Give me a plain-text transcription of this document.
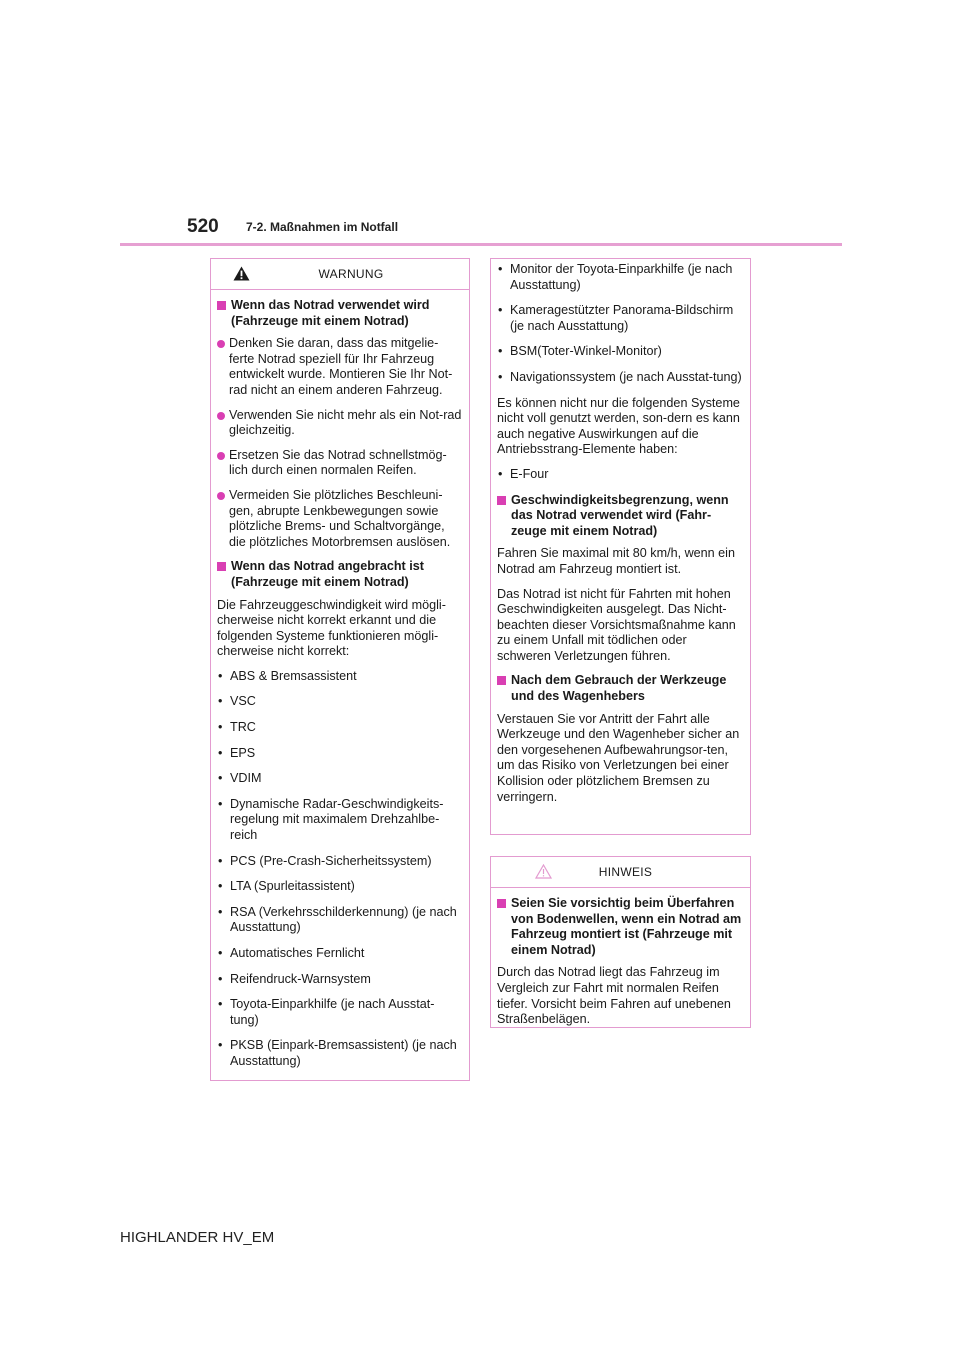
520 7-2. Maßnahmen im Notfall
WARNUNG
Wenn das Notrad verwendet wird (Fahrzeuge mit einem Notrad)
Denken Sie daran, dass das mitgelie-ferte Notrad speziell für Ihr Fahrzeug entwickelt wurde. Montieren Sie Ihr Not-rad nicht an einem anderen Fahrzeug.
Verwenden Sie nicht mehr als ein Not-rad gleichzeitig.
Ersetzen Sie das Notrad schnellstmög-lich durch einen normalen Reifen.
Vermeiden Sie plötzliches Beschleuni-gen, abrupte Lenkbewegungen sowie plötzliche Brems- und Schaltvorgänge, die plötzliches Motorbremsen auslösen.
Wenn das Notrad angebracht ist (Fahrzeuge mit einem Notrad)

Die Fahrzeuggeschwindigkeit wird mögli-cherweise nicht korrekt erkannt und die folgenden Systeme funktionieren mögli-cherweise nicht korrekt:

• ABS & Bremsassistent
• VSC
• TRC
• EPS
• VDIM
• Dynamische Radar-Geschwindigkeits-regelung mit maximalem Drehzahlbe-reich
• PCS (Pre-Crash-Sicherheitssystem)
• LTA (Spurleitassistent)
• RSA (Verkehrsschilderkennung) (je nach Ausstattung)
• Automatisches Fernlicht
• Reifendruck-Warnsystem
• Toyota-Einparkhilfe (je nach Ausstat-tung)
• PKSB (Einpark-Bremsassistent) (je nach Ausstattung)
• Monitor der Toyota-Einparkhilfe (je nach Ausstattung)
• Kameragestützter Panorama-Bildschirm (je nach Ausstattung)
• BSM(Toter-Winkel-Monitor)
• Navigationssystem (je nach Ausstat-tung)

Es können nicht nur die folgenden Systeme nicht voll genutzt werden, son-dern es kann auch negative Auswirkungen auf die Antriebsstrang-Elemente haben:

• E-Four
Geschwindigkeitsbegrenzung, wenn das Notrad verwendet wird (Fahr-zeuge mit einem Notrad)

Fahren Sie maximal mit 80 km/h, wenn ein Notrad am Fahrzeug montiert ist.

Das Notrad ist nicht für Fahrten mit hohen Geschwindigkeiten ausgelegt. Das Nicht-beachten dieser Vorsichtsmaßnahme kann zu einem Unfall mit tödlichen oder schweren Verletzungen führen.

Nach dem Gebrauch der Werkzeuge und des Wagenhebers

Verstauen Sie vor Antritt der Fahrt alle Werkzeuge und den Wagenheber sicher an den vorgesehenen Aufbewahrungsor-ten, um das Risiko von Verletzungen bei einer Kollision oder plötzlichem Bremsen zu verringern.

HINWEIS
Seien Sie vorsichtig beim Überfahren von Bodenwellen, wenn ein Notrad am Fahrzeug montiert ist (Fahrzeuge mit einem Notrad)

Durch das Notrad liegt das Fahrzeug im Vergleich zur Fahrt mit normalen Reifen tiefer. Vorsicht beim Fahren auf unebenen Straßenbelägen.

HIGHLANDER HV_EM
